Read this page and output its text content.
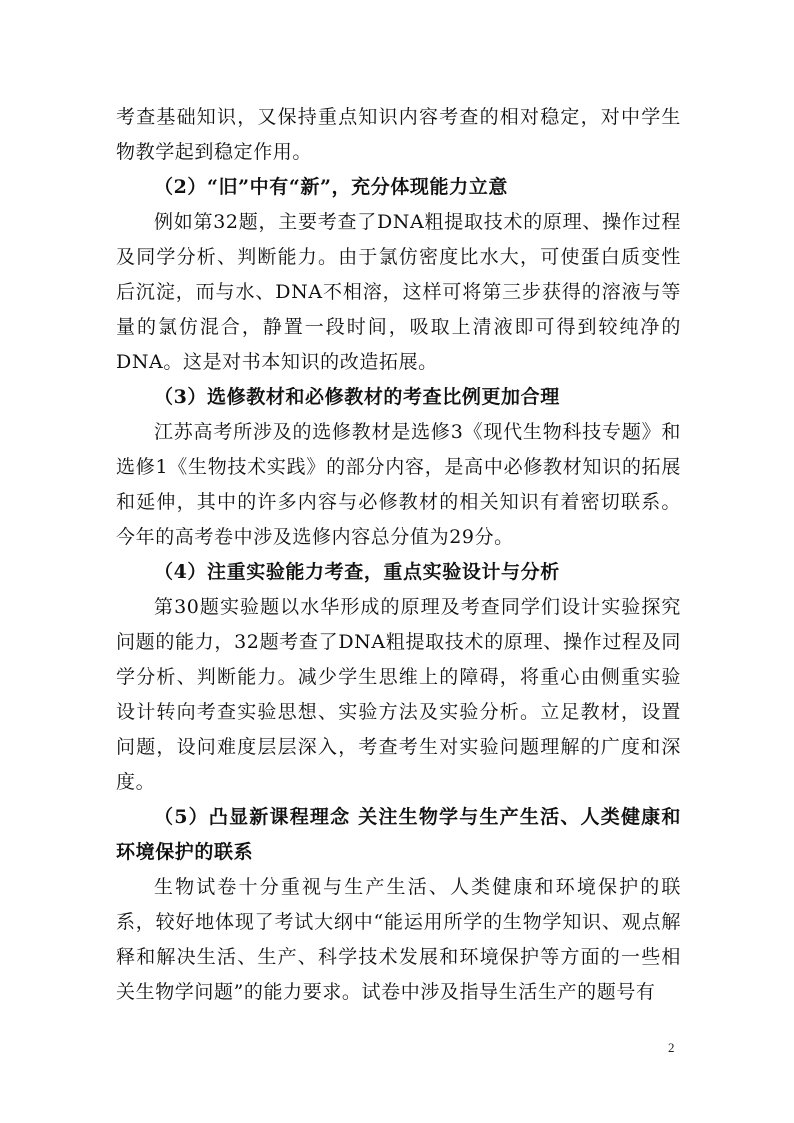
考查基础知识，又保持重点知识内容考查的相对稳定，对中学生物教学起到稳定作用。

（2）“旧”中有“新”，充分体现能力立意

例如第32题，主要考查了DNA粗提取技术的原理、操作过程及同学分析、判断能力。由于氯仿密度比水大，可使蛋白质变性后沉淀，而与水、DNA不相溶，这样可将第三步获得的溶液与等量的氯仿混合，静置一段时间，吸取上清液即可得到较纯净的DNA。这是对书本知识的改造拓展。

（3）选修教材和必修教材的考查比例更加合理

江苏高考所涉及的选修教材是选修3《现代生物科技专题》和选修1《生物技术实践》的部分内容，是高中必修教材知识的拓展和延伸，其中的许多内容与必修教材的相关知识有着密切联系。今年的高考卷中涉及选修内容总分值为29分。

（4）注重实验能力考查，重点实验设计与分析

第30题实验题以水华形成的原理及考查同学们设计实验探究问题的能力，32题考查了DNA粗提取技术的原理、操作过程及同学分析、判断能力。减少学生思维上的障碍，将重心由侧重实验设计转向考查实验思想、实验方法及实验分析。立足教材，设置问题，设问难度层层深入，考查考生对实验问题理解的广度和深度。

（5）凸显新课程理念 关注生物学与生产生活、人类健康和环境保护的联系

生物试卷十分重视与生产生活、人类健康和环境保护的联系，较好地体现了考试大纲中“能运用所学的生物学知识、观点解释和解决生活、生产、科学技术发展和环境保护等方面的一些相关生物学问题”的能力要求。试卷中涉及指导生活生产的题号有

2
